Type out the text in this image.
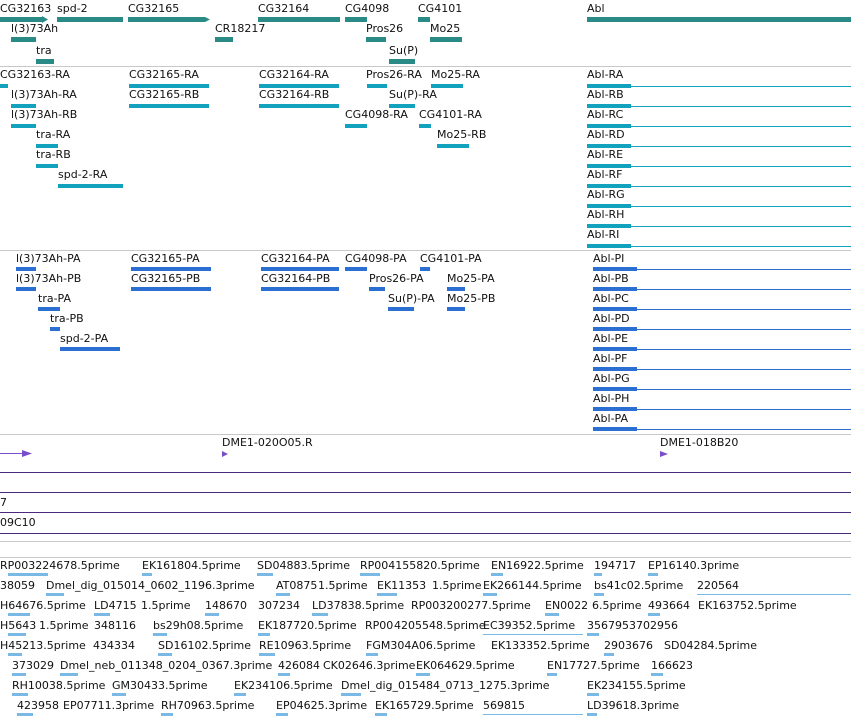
CG32163 spd-2	CG32165	CG32164	CG4098	CG4101	Abl
l(3)73Ah	CR18217	Pros26 Mo25
tra	Su(P)
CG32163-RA	CG32165-RA	CG32164-RA	Pros26-RA Mo25-RA
l(3)73Ah-RA	CG32165-RB	CG32164-RB	Su(P)-RA
l(3)73Ah-RB	CG4098-RA CG4101-RA
tra-RA	Mo25-RB
tra-RB
spd-2-RA
Abl-RA
Abl-RB
Abl-RC
Abl-RD
Abl-RE
Abl-RF
Abl-RG
Abl-RH
Abl-RI
l(3)73Ah-PA	CG32165-PA	CG32164-PA CG4098-PA CG4101-PA
l(3)73Ah-PB	CG32165-PB	CG32164-PB	Pros26-PA Mo25-PA
tra-PA	Su(P)-PA Mo25-PB
tra-PB
spd-2-PA
Abl-PI
Abl-PB
Abl-PC
Abl-PD
Abl-PE
Abl-PF
Abl-PG
Abl-PH
Abl-PA
DME1-020O05.R	DME1-018B20
7
09C10
RP003224678.5prime EK161804.5prime SD04883.5prime RP004155820.5prime EN16922.5prime 194717 EP16140.3prime
38059 Dmel_dig_015014_0602_1196.3prime AT0875 1.5prime EK11353 1.5prime EK266144.5prime bs41c02.5prime 220564
H64676.5prime LD4715 1.5prime 148670 307234 LD37838.5prime RP003200277.5prime EN0022 6.5prime 493664 EK163752.5prime
H5643 1.5prime 348116 bs29h08.5prime EK187720.5prime RP00 4205548.5prime
EC39352.5prime 3567953702956
H45213.5prime 434334 SD16102.5prime RE10963.5prime FGM304A06.5prime EK133352.5prime 2903676 SD04284.5prime
373029 Dmel_neb_011348_0204_0367.3prime 426084 CK02646.3prime EK064629.5prime	EN17727.5prime 166623
RH10038.5prime GM30433.5prime EK234106.5prime Dmel_dig_015484_0713_1275.3prime	EK234155.5prime
423958 EP07711.3prime RH70963.5prime EP04625.3prime EK165729.5prime 569815	LD39618.3prime
